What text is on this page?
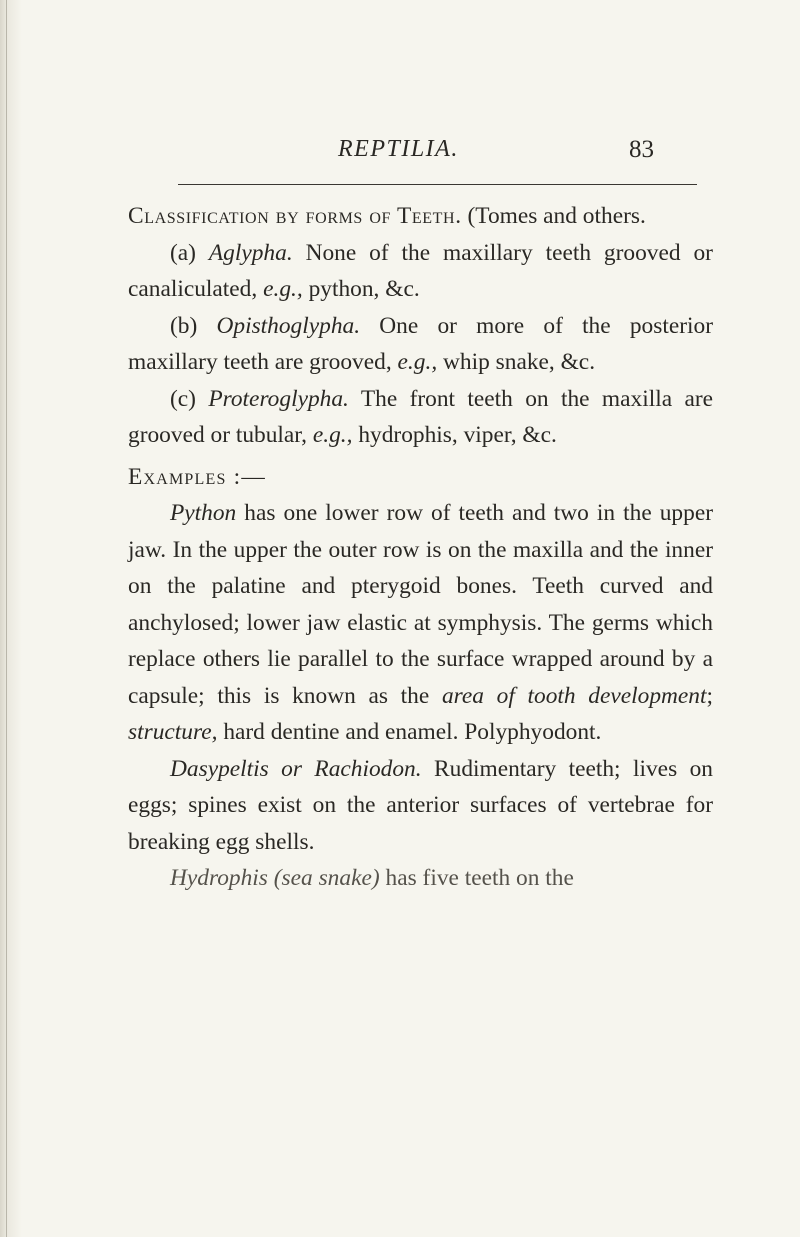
REPTILIA.	83

Classification by forms of Teeth. (Tomes and others.

(a) Aglypha. None of the maxillary teeth grooved or canaliculated, e.g., python, &c.

(b) Opisthoglypha. One or more of the posterior maxillary teeth are grooved, e.g., whip snake, &c.

(c) Proteroglypha. The front teeth on the maxilla are grooved or tubular, e.g., hydrophis, viper, &c.

Examples :—

Python has one lower row of teeth and two in the upper jaw. In the upper the outer row is on the maxilla and the inner on the palatine and pterygoid bones. Teeth curved and anchylosed; lower jaw elastic at symphysis. The germs which replace others lie parallel to the surface wrapped around by a capsule; this is known as the area of tooth development; structure, hard dentine and enamel. Polyphyodont.

Dasypeltis or Rachiodon. Rudimentary teeth; lives on eggs; spines exist on the anterior surfaces of vertebrae for breaking egg shells.

Hydrophis (sea snake) has five teeth on the
